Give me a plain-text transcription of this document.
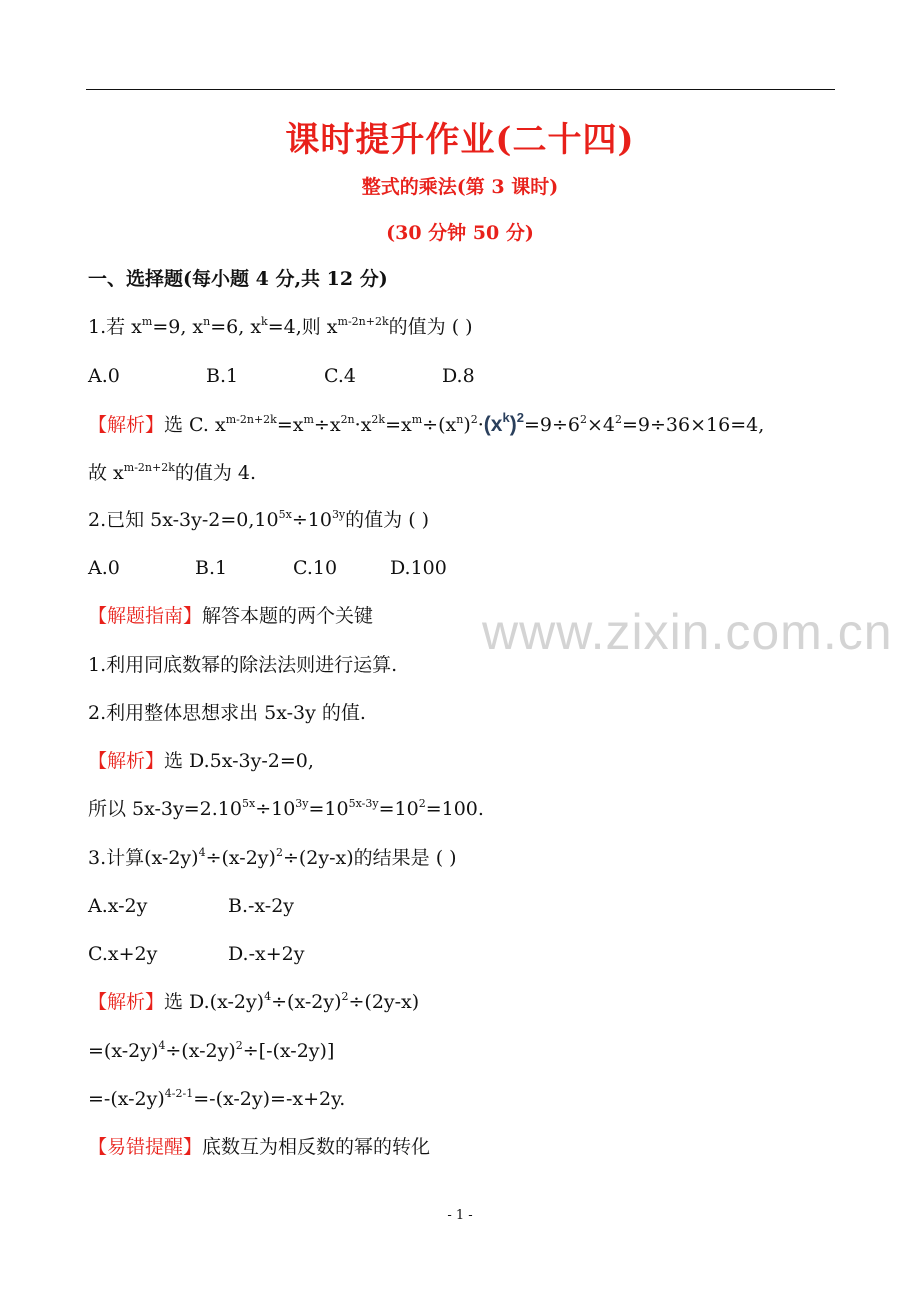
课时提升作业(二十四)
整式的乘法(第 3 课时)
(30 分钟 50 分)
一、选择题(每小题 4 分,共 12 分)
1.若 $x^m=9$, $x^n=6$, $x^k=4$,则 $x^{m-2n+2k}$的值为 ( )
A.0	B.1	C.4	D.8
【解析】选 C. $x^{m-2n+2k}=x^m\div x^{2n}\cdot x^{2k}=x^m\div(x^n)^2\cdot(x^k)^2=9\div 6^2\times 4^2=9\div 36\times 16=4$,
故 $x^{m-2n+2k}$的值为 4.
2.已知 $5x-3y-2=0,10^{5x}\div 10^{3y}$的值为 ( )
A.0	B.1	C.10	D.100
www.zixin.com.cn
【解题指南】解答本题的两个关键
1.利用同底数幂的除法法则进行运算.
2.利用整体思想求出 5x-3y 的值.
【解析】选 D.5x-3y-2=0,
所以 $5x-3y=2.10^{5x}\div 10^{3y}=10^{5x-3y}=10^2=100$.
3.计算$(x-2y)^4\div(x-2y)^2\div(2y-x)$的结果是 ( )
A.x-2y	B.-x-2y
C.x+2y	D.-x+2y
【解析】选 $D.(x-2y)^4\div(x-2y)^2\div(2y-x)$
$=(x-2y)^4\div(x-2y)^2\div[-(x-2y)]$
$=-(x-2y)^{4-2-1}=-(x-2y)=-x+2y$.
【易错提醒】底数互为相反数的幂的转化
- 1 -
